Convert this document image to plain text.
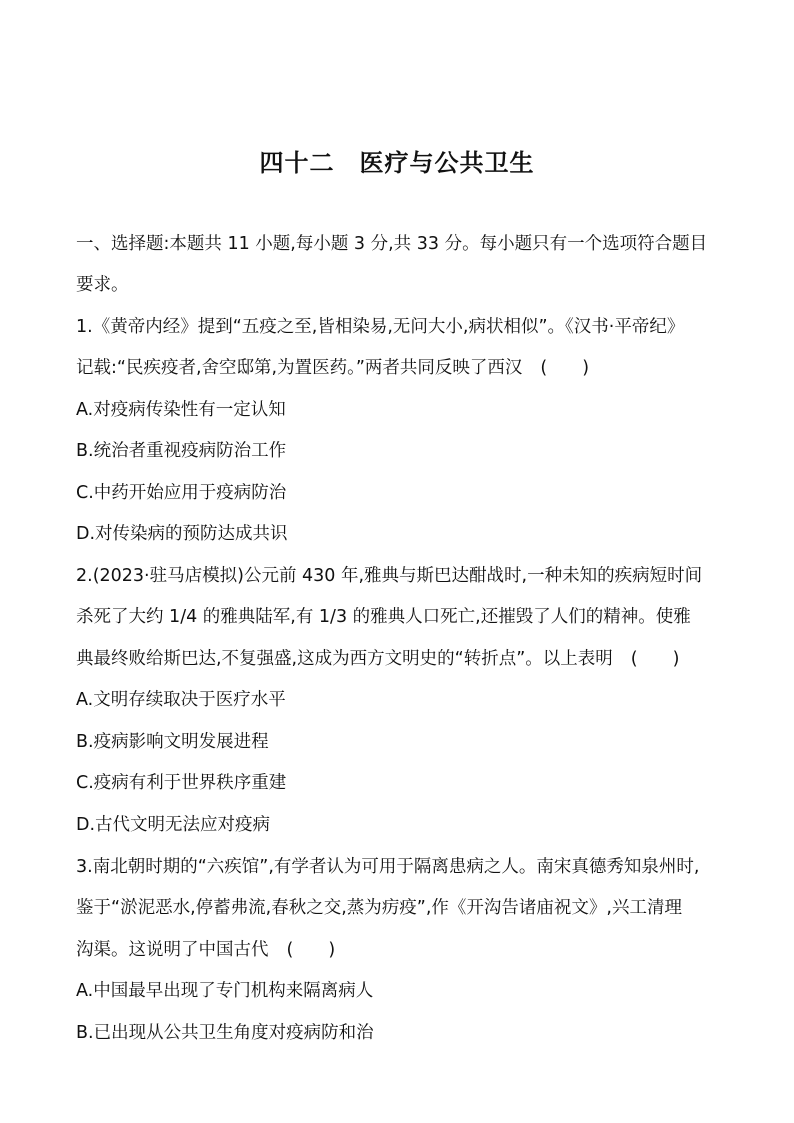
四十二　医疗与公共卫生
一、选择题:本题共 11 小题,每小题 3 分,共 33 分。每小题只有一个选项符合题目
要求。
1.《黄帝内经》提到“五疫之至,皆相染易,无问大小,病状相似”。《汉书·平帝纪》
记载:“民疾疫者,舍空邸第,为置医药。”两者共同反映了西汉 (　　)
A.对疫病传染性有一定认知
B.统治者重视疫病防治工作
C.中药开始应用于疫病防治
D.对传染病的预防达成共识
2.(2023·驻马店模拟)公元前 430 年,雅典与斯巴达酣战时,一种未知的疾病短时间
杀死了大约 1/4 的雅典陆军,有 1/3 的雅典人口死亡,还摧毁了人们的精神。使雅
典最终败给斯巴达,不复强盛,这成为西方文明史的“转折点”。以上表明 (　　)
A.文明存续取决于医疗水平
B.疫病影响文明发展进程
C.疫病有利于世界秩序重建
D.古代文明无法应对疫病
3.南北朝时期的“六疾馆”,有学者认为可用于隔离患病之人。南宋真德秀知泉州时,
鉴于“淤泥恶水,停蓄弗流,春秋之交,蒸为疠疫”,作《开沟告诸庙祝文》,兴工清理
沟渠。这说明了中国古代 (　　)
A.中国最早出现了专门机构来隔离病人
B.已出现从公共卫生角度对疫病防和治
